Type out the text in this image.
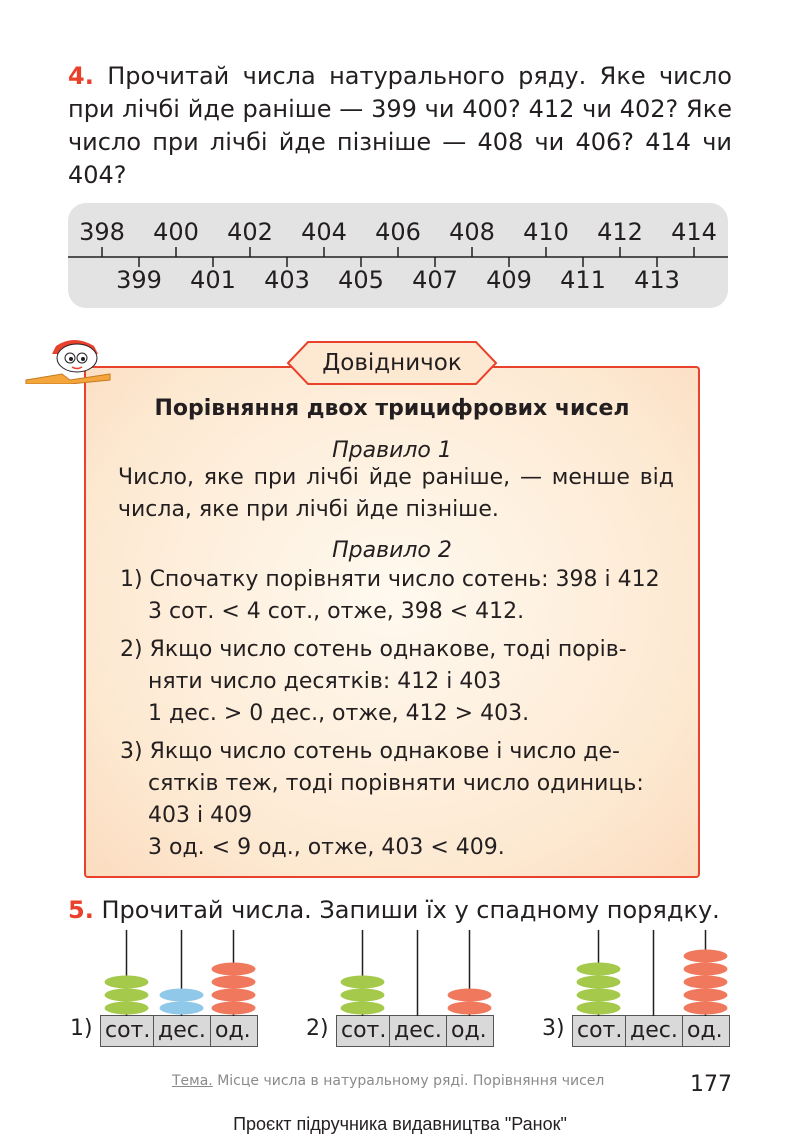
4. Прочитай числа натурального ряду. Яке число при лічбі йде раніше — 399 чи 400? 412 чи 402? Яке число при лічбі йде пізніше — 408 чи 406? 414 чи 404?
398 400 402 404 406 408 410 412 414
399 401 403 405 407 409 411 413
Довідничок
Порівняння двох трицифрових чисел
Правило 1
Число, яке при лічбі йде раніше, — менше від числа, яке при лічбі йде пізніше.
Правило 2
1) Спочатку порівняти число сотень: 398 і 412
3 сот. < 4 сот., отже, 398 < 412.
2) Якщо число сотень однакове, тоді порів-
няти число десятків: 412 і 403
1 дес. > 0 дес., отже, 412 > 403.
3) Якщо число сотень однакове і число де-
сятків теж, тоді порівняти число одиниць:
403 і 409
3 од. < 9 од., отже, 403 < 409.
5. Прочитай числа. Запиши їх у спадному порядку.
1) сот. дес. од.	2) сот. дес. од.	3) сот. дес. од.
Тема. Місце числа в натуральному ряді. Порівняння чисел	177
Проєкт підручника видавництва "Ранок"
